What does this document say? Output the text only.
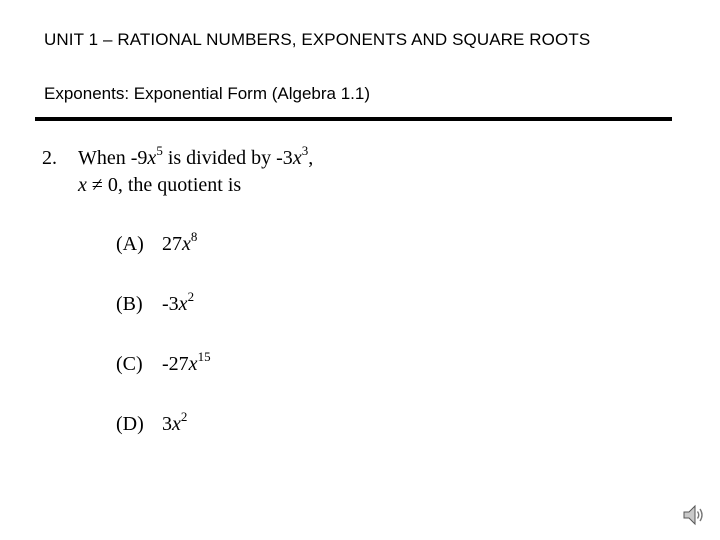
UNIT 1 – RATIONAL NUMBERS, EXPONENTS AND SQUARE ROOTS
Exponents: Exponential Form (Algebra 1.1)
2. When $-9x^5$ is divided by $-3x^3$,
x ≠ 0, the quotient is
(A) $27x^8$
(B) $-3x^2$
(C) $-27x^{15}$
(D) $3x^2$
